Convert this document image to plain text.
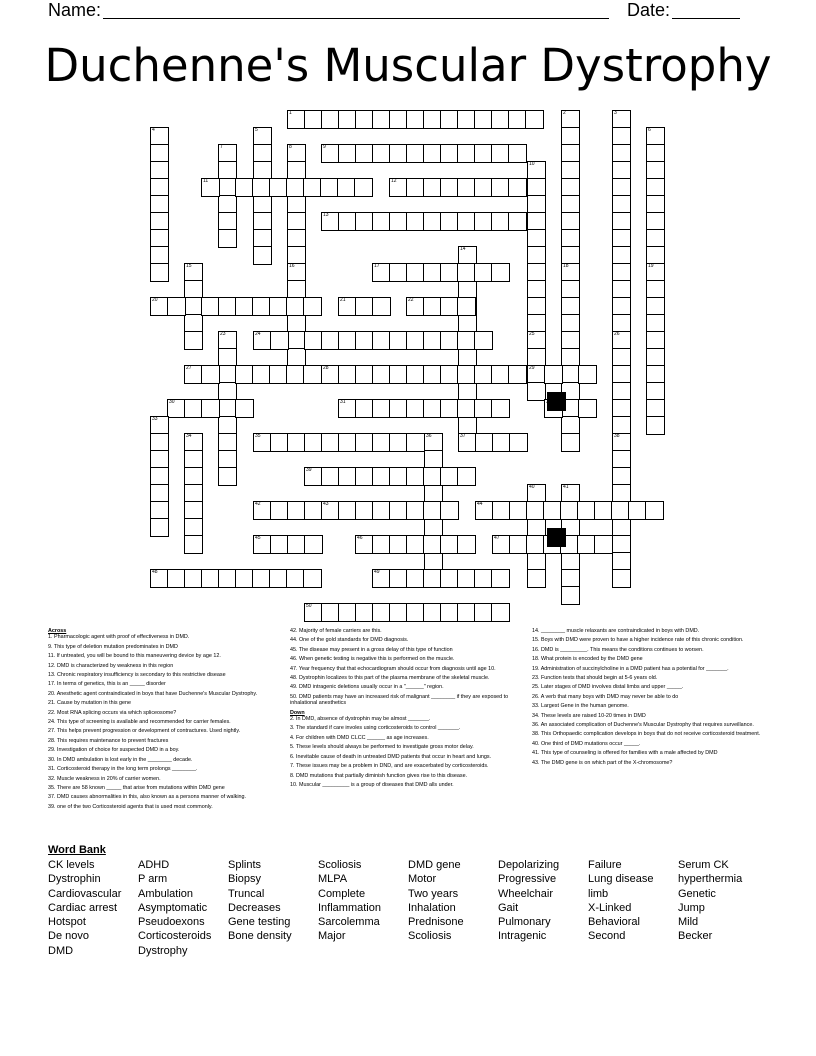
Name:	Date:
Duchenne's Muscular Dystrophy
1	2
18
3
26
38
4	5	6
7	8
16
9
10
11	12
13
14
37
15	17	19
20	21	22
23	24	25
29
27	28
30	31
33
34	35	36
39
40	41
42	43	44
45	46	47
48	49
50
Across
1. Pharmacologic agent with proof of effectiveness in DMD.
9. This type of deletion mutation predominates in DMD
11. If untreated, you will be bound to this maneuvering device by age 12.
12. DMD is characterized by weakness in this region
13. Chronic respiratory insufficiency is secondary to this restrictive disease
17. In terms of genetics, this is an _____ disorder
20. Anesthetic agent contraindicated in boys that have Duchenne's Muscular Dystrophy.
21. Cause by mutation in this gene
22. Most RNA splicing occurs via which spliceosome?
24. This type of screening is available and recommended for carrier females.
27. This helps prevent progression or development of contractures. Used nightly.
28. This requires maintenance to prevent fractures
29. Investigation of choice for suspected DMD in a boy.
30. In DMD ambulation is lost early in the ________ decade.
31. Corticosteroid therapy in the long term prolongs ________.
32. Muscle weakness in 20% of carrier women.
35. There are 58 known _____ that arise from mutations within DMD gene
37. DMD causes abnormalities in this, also known as a persons manner of walking.
39. one of the two Corticosteroid agents that is used most commonly.
42. Majority of female carriers are this.
44. One of the gold standards for DMD diagnosis.
45. The disease may present in a gross delay of this type of function
46. When genetic testing is negative this is performed on the muscle.
47. Year frequency that that echocardiogram should occur from diagnosis until age 10.
48. Dystrophin localizes to this part of the plasma membrane of the skeletal muscle.
49. DMD intragenic deletions usually occur in a "______" region.
50. DMD patients may have an increased risk of malignant ________ if they are exposed to inhalational anesthetics
Down
2. In DMD, absence of dystrophin may be almost _______.
3. The standard if care involes using corticosteroids to control _______.
4. For children with DMD CLCC ______ as age increases.
5. These levels should always be performed to investigate gross motor delay.
6. Inevitable cause of death in untreated DMD patients that occur in heart and lungs.
7. These issues may be a problem in DND, and are exacerbated by corticosteroids.
8. DMD mutations that partially diminish function gives rise to this disease.
10. Muscular _________ is a group of diseases that DMD alls under.
14. ________ muscle relaxants are contraindicated in boys with DMD.
15. Boys with DMD were proven to have a higher incidence rate of this chronic condition.
16. DMD is _________. This means the conditions continues to worsen.
18. What protein is encoded by the DMD gene
19. Administration of succinylcholine in a DMD patient has a potential for _______.
23. Function tests that should begin at 5-6 years old.
25. Later stages of DMD involves distal limbs and upper _____.
26. A verb that many boys with DMD may never be able to do
33. Largest Gene in the human genome.
34. These levels are raised 10-20 times in DMD
36. An associated complication of Duchenne's Muscular Dystrophy that requires surveillance.
38. This Orthopaedic complication develops in boys that do not receive corticosteroid treatment.
40. One third of DMD mutations occur _____.
41. This type of counseling is offered for families with a male affected by DMD
43. The DMD gene is on which part of the X-chromosome?
Word Bank
CK levels
Dystrophin
Cardiovascular
Cardiac arrest
Hotspot
De novo
DMD
ADHD
P arm
Ambulation
Asymptomatic
Pseudoexons
Corticosteroids
Dystrophy
Splints
Biopsy
Truncal
Decreases
Gene testing
Bone density
Scoliosis
MLPA
Complete
Inflammation
Sarcolemma
Major
DMD gene
Motor
Two years
Inhalation
Prednisone
Scoliosis
Depolarizing
Progressive
Wheelchair
Gait
Pulmonary
Intragenic
Failure
Lung disease
limb
X-Linked
Behavioral
Second
Serum CK
hyperthermia
Genetic
Jump
Mild
Becker
